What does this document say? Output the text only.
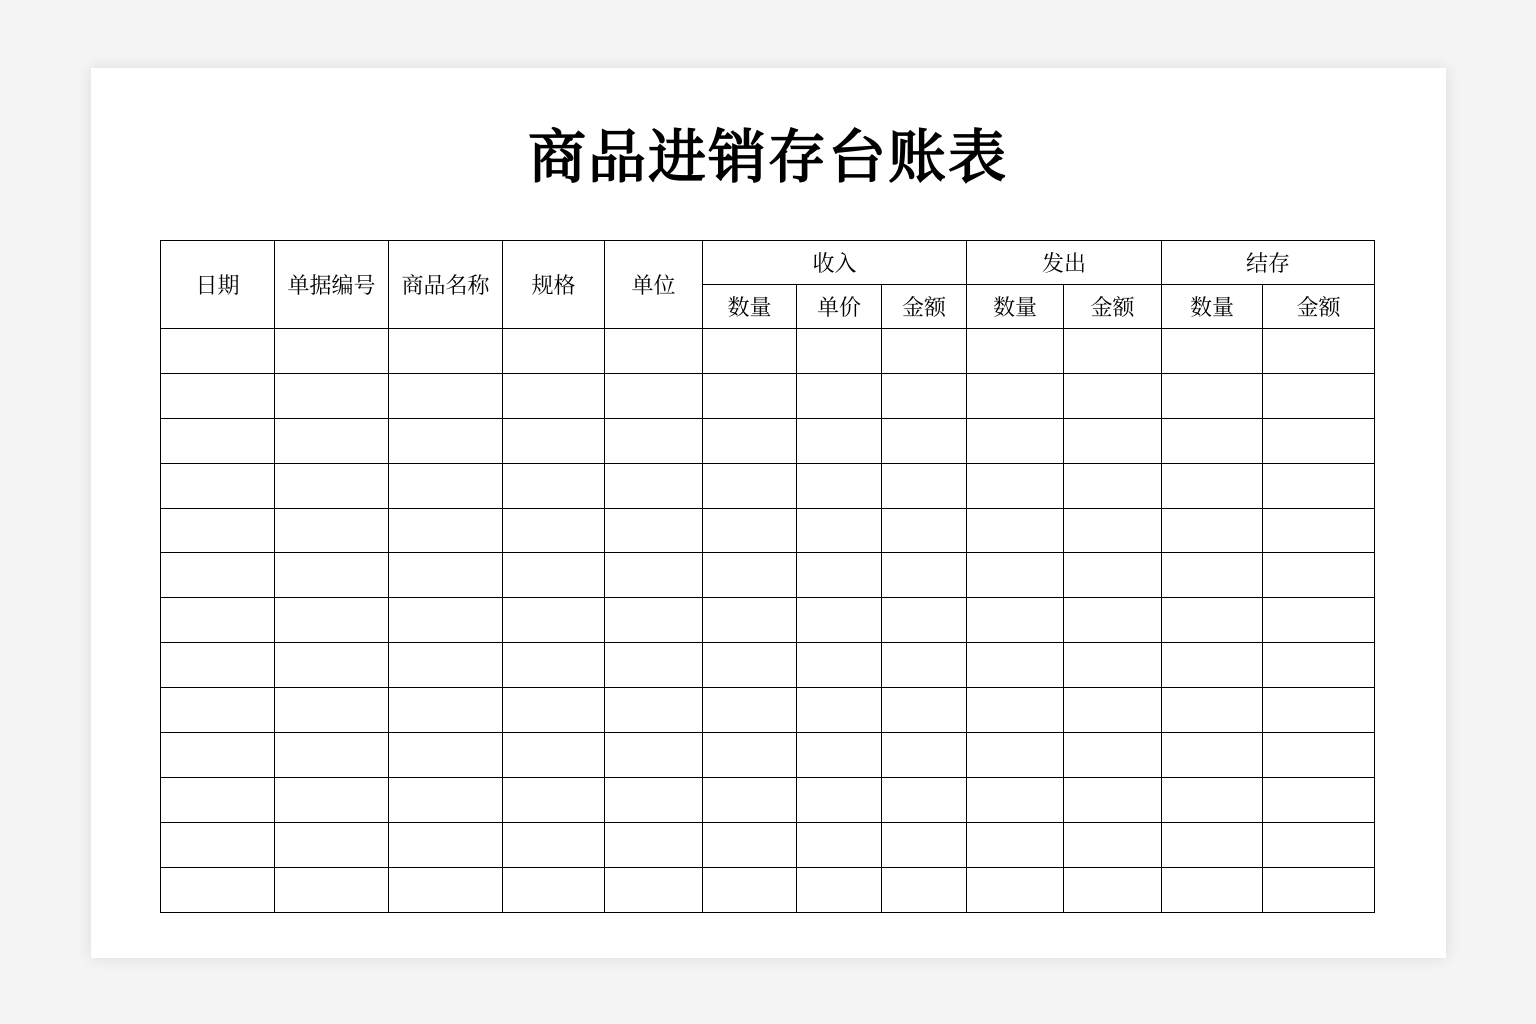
商品进销存台账表
日期	单据编号	商品名称	规格	单位	收入			发出		结存	
					数量	单价	金额	数量	金额	数量	金额
